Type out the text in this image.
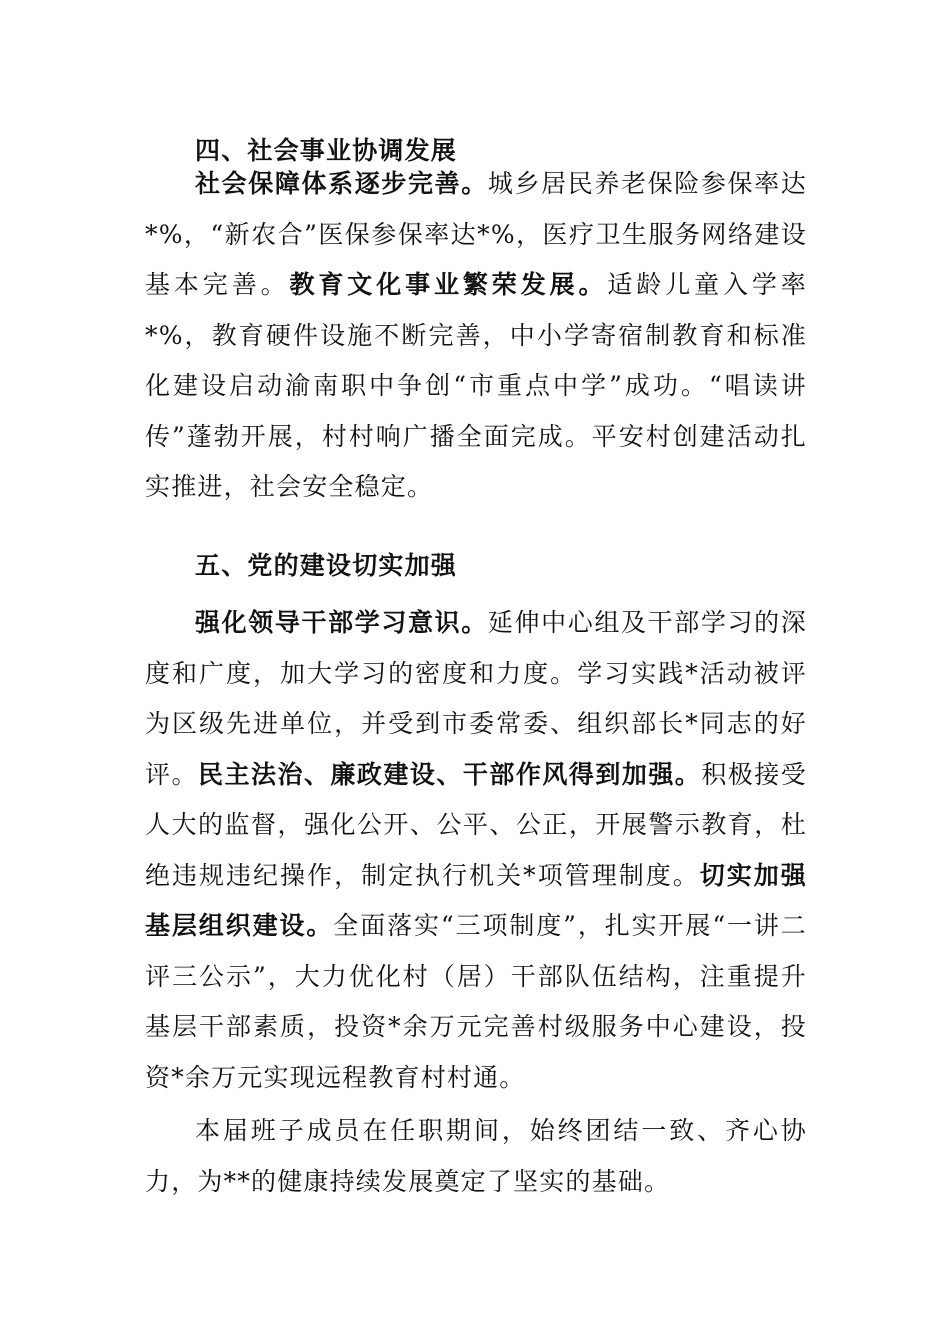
四、社会事业协调发展

社会保障体系逐步完善。城乡居民养老保险参保率达*%，“新农合”医保参保率达*%，医疗卫生服务网络建设基本完善。教育文化事业繁荣发展。适龄儿童入学率*%，教育硬件设施不断完善，中小学寄宿制教育和标准化建设启动渝南职中争创“市重点中学”成功。“唱读讲传”蓬勃开展，村村响广播全面完成。平安村创建活动扎实推进，社会安全稳定。

五、党的建设切实加强

强化领导干部学习意识。延伸中心组及干部学习的深度和广度，加大学习的密度和力度。学习实践*活动被评为区级先进单位，并受到市委常委、组织部长*同志的好评。民主法治、廉政建设、干部作风得到加强。积极接受人大的监督，强化公开、公平、公正，开展警示教育，杜绝违规违纪操作，制定执行机关*项管理制度。切实加强基层组织建设。全面落实“三项制度”，扎实开展“一讲二评三公示”，大力优化村（居）干部队伍结构，注重提升基层干部素质，投资*余万元完善村级服务中心建设，投资*余万元实现远程教育村村通。

本届班子成员在任职期间，始终团结一致、齐心协力，为**的健康持续发展奠定了坚实的基础。
